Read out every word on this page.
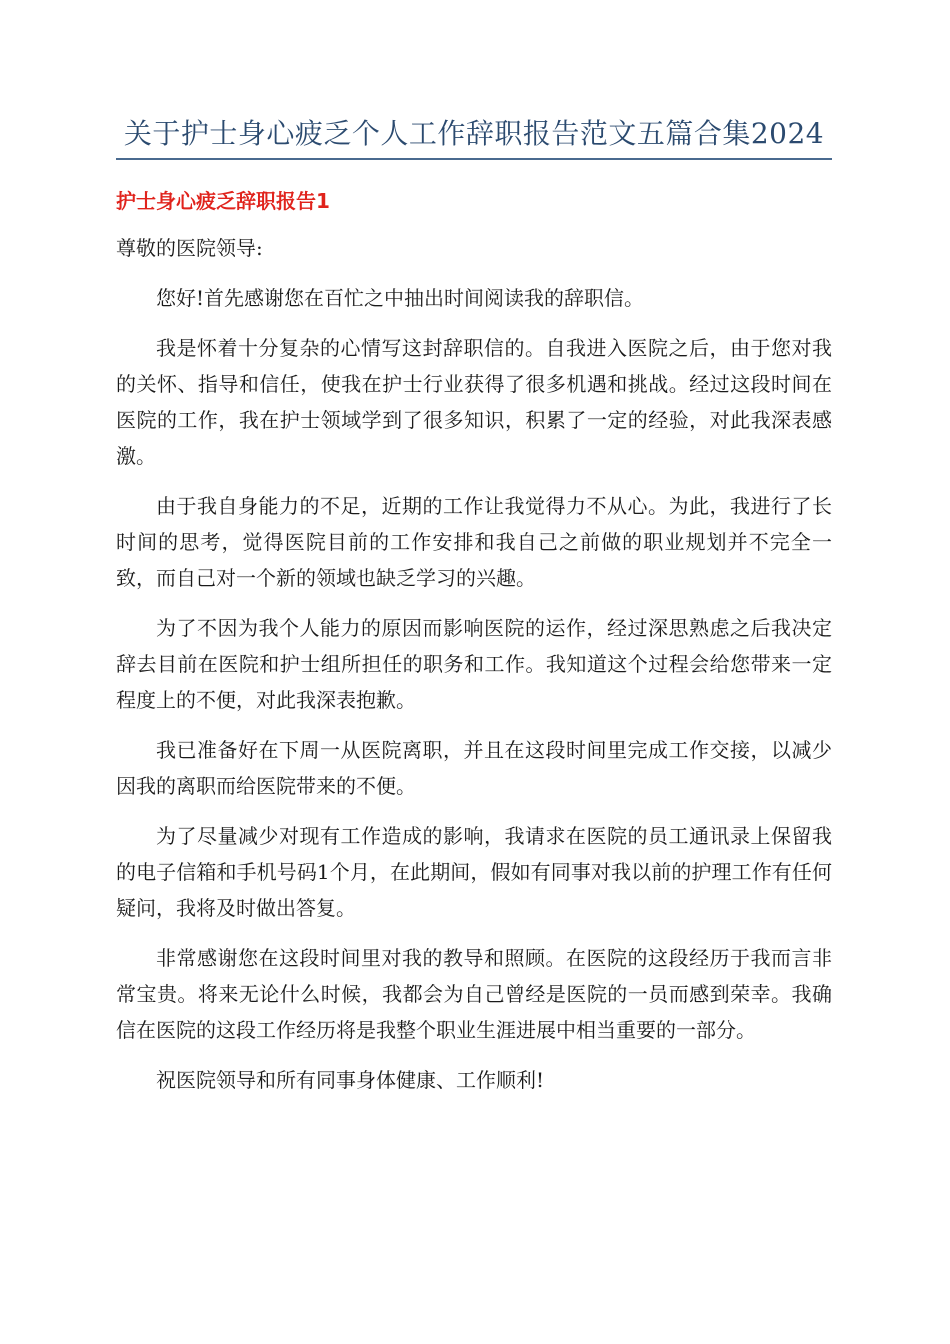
关于护士身心疲乏个人工作辞职报告范文五篇合集2024
护士身心疲乏辞职报告1

尊敬的医院领导:

您好!首先感谢您在百忙之中抽出时间阅读我的辞职信。

我是怀着十分复杂的心情写这封辞职信的。自我进入医院之后，由于您对我的关怀、指导和信任，使我在护士行业获得了很多机遇和挑战。经过这段时间在医院的工作，我在护士领域学到了很多知识，积累了一定的经验，对此我深表感激。

由于我自身能力的不足，近期的工作让我觉得力不从心。为此，我进行了长时间的思考，觉得医院目前的工作安排和我自己之前做的职业规划并不完全一致，而自己对一个新的领域也缺乏学习的兴趣。

为了不因为我个人能力的原因而影响医院的运作，经过深思熟虑之后我决定辞去目前在医院和护士组所担任的职务和工作。我知道这个过程会给您带来一定程度上的不便，对此我深表抱歉。

我已准备好在下周一从医院离职，并且在这段时间里完成工作交接，以减少因我的离职而给医院带来的不便。

为了尽量减少对现有工作造成的影响，我请求在医院的员工通讯录上保留我的电子信箱和手机号码1个月，在此期间，假如有同事对我以前的护理工作有任何疑问，我将及时做出答复。

非常感谢您在这段时间里对我的教导和照顾。在医院的这段经历于我而言非常宝贵。将来无论什么时候，我都会为自己曾经是医院的一员而感到荣幸。我确信在医院的这段工作经历将是我整个职业生涯进展中相当重要的一部分。

祝医院领导和所有同事身体健康、工作顺利!
